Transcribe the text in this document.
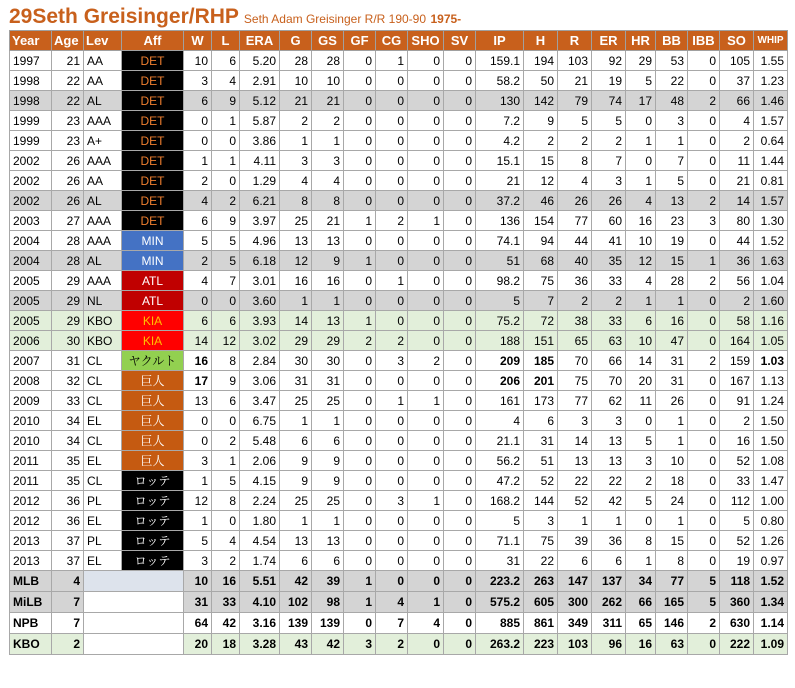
29Seth Greisinger/RHP Seth Adam Greisinger R/R 190-90 1975-
Year	Age	Lev	Aff	W	L	ERA	G	GS	GF	CG	SHO	SV	IP	H	R	ER	HR	BB	IBB	SO	WHIP
1997	21	AA	DET	10	6	5.20	28	28	0	1	0	0	159.1	194	103	92	29	53	0	105	1.55
1998	22	AA	DET	3	4	2.91	10	10	0	0	0	0	58.2	50	21	19	5	22	0	37	1.23
1998	22	AL	DET	6	9	5.12	21	21	0	0	0	0	130	142	79	74	17	48	2	66	1.46
1999	23	AAA	DET	0	1	5.87	2	2	0	0	0	0	7.2	9	5	5	0	3	0	4	1.57
1999	23	A+	DET	0	0	3.86	1	1	0	0	0	0	4.2	2	2	2	1	1	0	2	0.64
2002	26	AAA	DET	1	1	4.11	3	3	0	0	0	0	15.1	15	8	7	0	7	0	11	1.44
2002	26	AA	DET	2	0	1.29	4	4	0	0	0	0	21	12	4	3	1	5	0	21	0.81
2002	26	AL	DET	4	2	6.21	8	8	0	0	0	0	37.2	46	26	26	4	13	2	14	1.57
2003	27	AAA	DET	6	9	3.97	25	21	1	2	1	0	136	154	77	60	16	23	3	80	1.30
2004	28	AAA	MIN	5	5	4.96	13	13	0	0	0	0	74.1	94	44	41	10	19	0	44	1.52
2004	28	AL	MIN	2	5	6.18	12	9	1	0	0	0	51	68	40	35	12	15	1	36	1.63
2005	29	AAA	ATL	4	7	3.01	16	16	0	1	0	0	98.2	75	36	33	4	28	2	56	1.04
2005	29	NL	ATL	0	0	3.60	1	1	0	0	0	0	5	7	2	2	1	1	0	2	1.60
2005	29	KBO	KIA	6	6	3.93	14	13	1	0	0	0	75.2	72	38	33	6	16	0	58	1.16
2006	30	KBO	KIA	14	12	3.02	29	29	2	2	0	0	188	151	65	63	10	47	0	164	1.05
2007	31	CL	ヤクルト	16	8	2.84	30	30	0	3	2	0	209	185	70	66	14	31	2	159	1.03
2008	32	CL	巨人	17	9	3.06	31	31	0	0	0	0	206	201	75	70	20	31	0	167	1.13
2009	33	CL	巨人	13	6	3.47	25	25	0	1	1	0	161	173	77	62	11	26	0	91	1.24
2010	34	EL	巨人	0	0	6.75	1	1	0	0	0	0	4	6	3	3	0	1	0	2	1.50
2010	34	CL	巨人	0	2	5.48	6	6	0	0	0	0	21.1	31	14	13	5	1	0	16	1.50
2011	35	EL	巨人	3	1	2.06	9	9	0	0	0	0	56.2	51	13	13	3	10	0	52	1.08
2011	35	CL	ロッテ	1	5	4.15	9	9	0	0	0	0	47.2	52	22	22	2	18	0	33	1.47
2012	36	PL	ロッテ	12	8	2.24	25	25	0	3	1	0	168.2	144	52	42	5	24	0	112	1.00
2012	36	EL	ロッテ	1	0	1.80	1	1	0	0	0	0	5	3	1	1	0	1	0	5	0.80
2013	37	PL	ロッテ	5	4	4.54	13	13	0	0	0	0	71.1	75	39	36	8	15	0	52	1.26
2013	37	EL	ロッテ	3	2	1.74	6	6	0	0	0	0	31	22	6	6	1	8	0	19	0.97
MLB	4			10	16	5.51	42	39	1	0	0	0	223.2	263	147	137	34	77	5	118	1.52
MiLB	7			31	33	4.10	102	98	1	4	1	0	575.2	605	300	262	66	165	5	360	1.34
NPB	7			64	42	3.16	139	139	0	7	4	0	885	861	349	311	65	146	2	630	1.14
KBO	2			20	18	3.28	43	42	3	2	0	0	263.2	223	103	96	16	63	0	222	1.09
